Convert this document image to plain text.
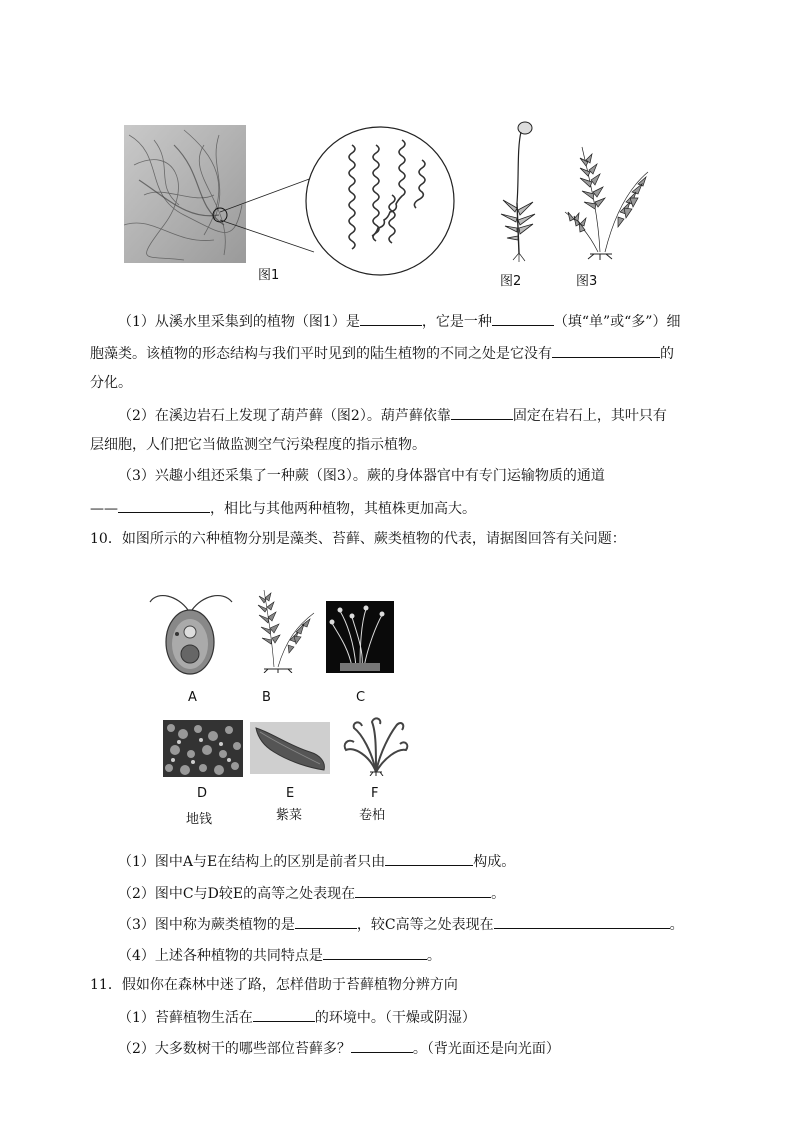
图1	图2	图3
（1）从溪水里采集到的植物（图1）是	，它是一种	（填“单”或“多”）细
胞藻类。该植物的形态结构与我们平时见到的陆生植物的不同之处是它没有	的
分化。
（2）在溪边岩石上发现了葫芦藓（图2）。葫芦藓依靠	固定在岩石上，其叶只有
层细胞，人们把它当做监测空气污染程度的指示植物。
（3）兴趣小组还采集了一种蕨（图3）。蕨的身体器官中有专门运输物质的通道
——	，相比与其他两种植物，其植株更加高大。
10．如图所示的六种植物分别是藻类、苔藓、蕨类植物的代表，请据图回答有关问题：
A	B	C
D	E	F
地钱	紫菜	卷柏
（1）图中A与E在结构上的区别是前者只由	构成。
（2）图中C与D较E的高等之处表现在	。
（3）图中称为蕨类植物的是	，较C高等之处表现在	。
（4）上述各种植物的共同特点是	。
11．假如你在森林中迷了路，怎样借助于苔藓植物分辨方向
（1）苔藓植物生活在	的环境中。（干燥或阴湿）
（2）大多数树干的哪些部位苔藓多？	。（背光面还是向光面）
